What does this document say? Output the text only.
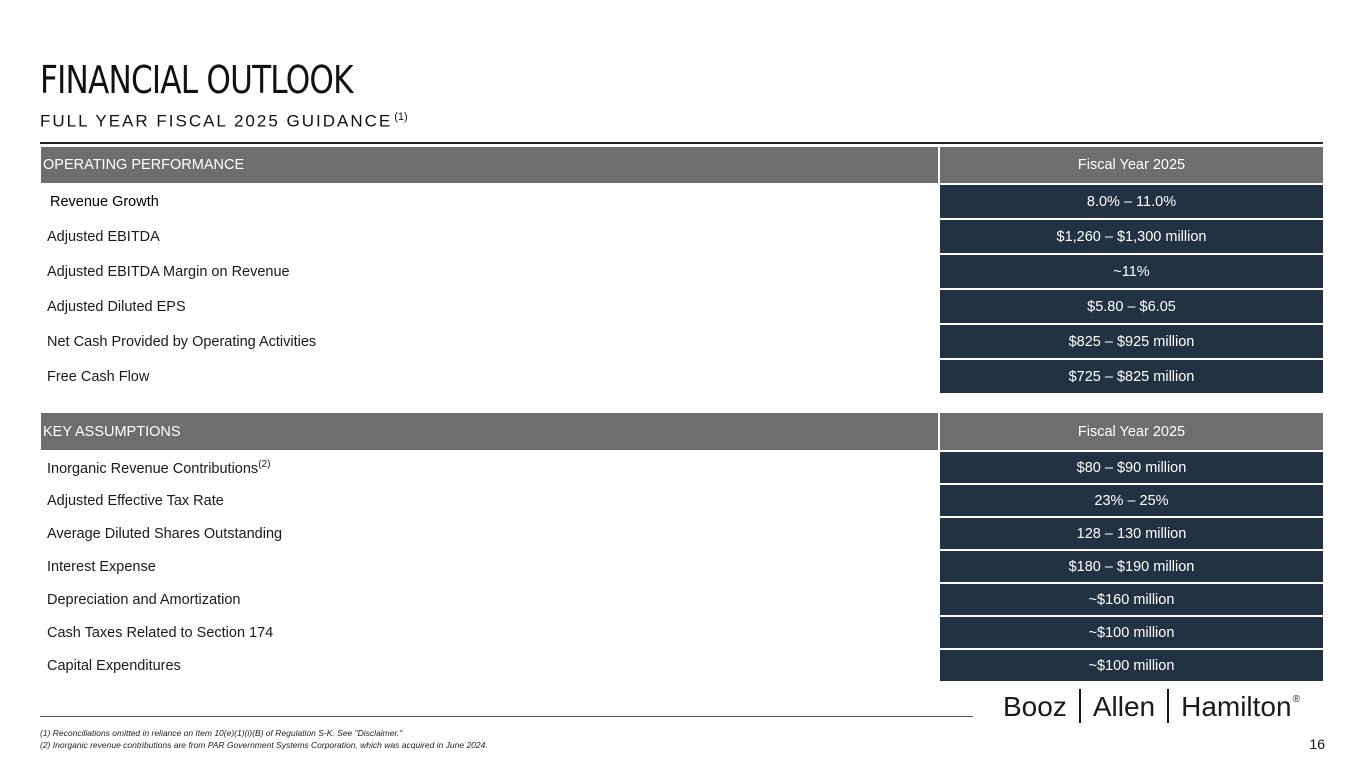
FINANCIAL OUTLOOK
FULL YEAR FISCAL 2025 GUIDANCE $^{(1)}$
OPERATING PERFORMANCE	Fiscal Year 2025
Revenue Growth	8.0% – 11.0%
Adjusted EBITDA	$1,260 – $1,300 million
Adjusted EBITDA Margin on Revenue	~11%
Adjusted Diluted EPS	$5.80 – $6.05
Net Cash Provided by Operating Activities	$825 – $925 million
Free Cash Flow	$725 – $825 million
KEY ASSUMPTIONS	Fiscal Year 2025
Inorganic Revenue Contributions$^{(2)}$	$80 – $90 million
Adjusted Effective Tax Rate	23% – 25%
Average Diluted Shares Outstanding	128 – 130 million
Interest Expense	$180 – $190 million
Depreciation and Amortization	~$160 million
Cash Taxes Related to Section 174	~$100 million
Capital Expenditures	~$100 million
Booz Allen Hamilton®
(1) Reconciliations omitted in reliance on Item 10(e)(1)(i)(B) of Regulation S-K. See "Disclaimer."
(2) Inorganic revenue contributions are from PAR Government Systems Corporation, which was acquired in June 2024.	16
